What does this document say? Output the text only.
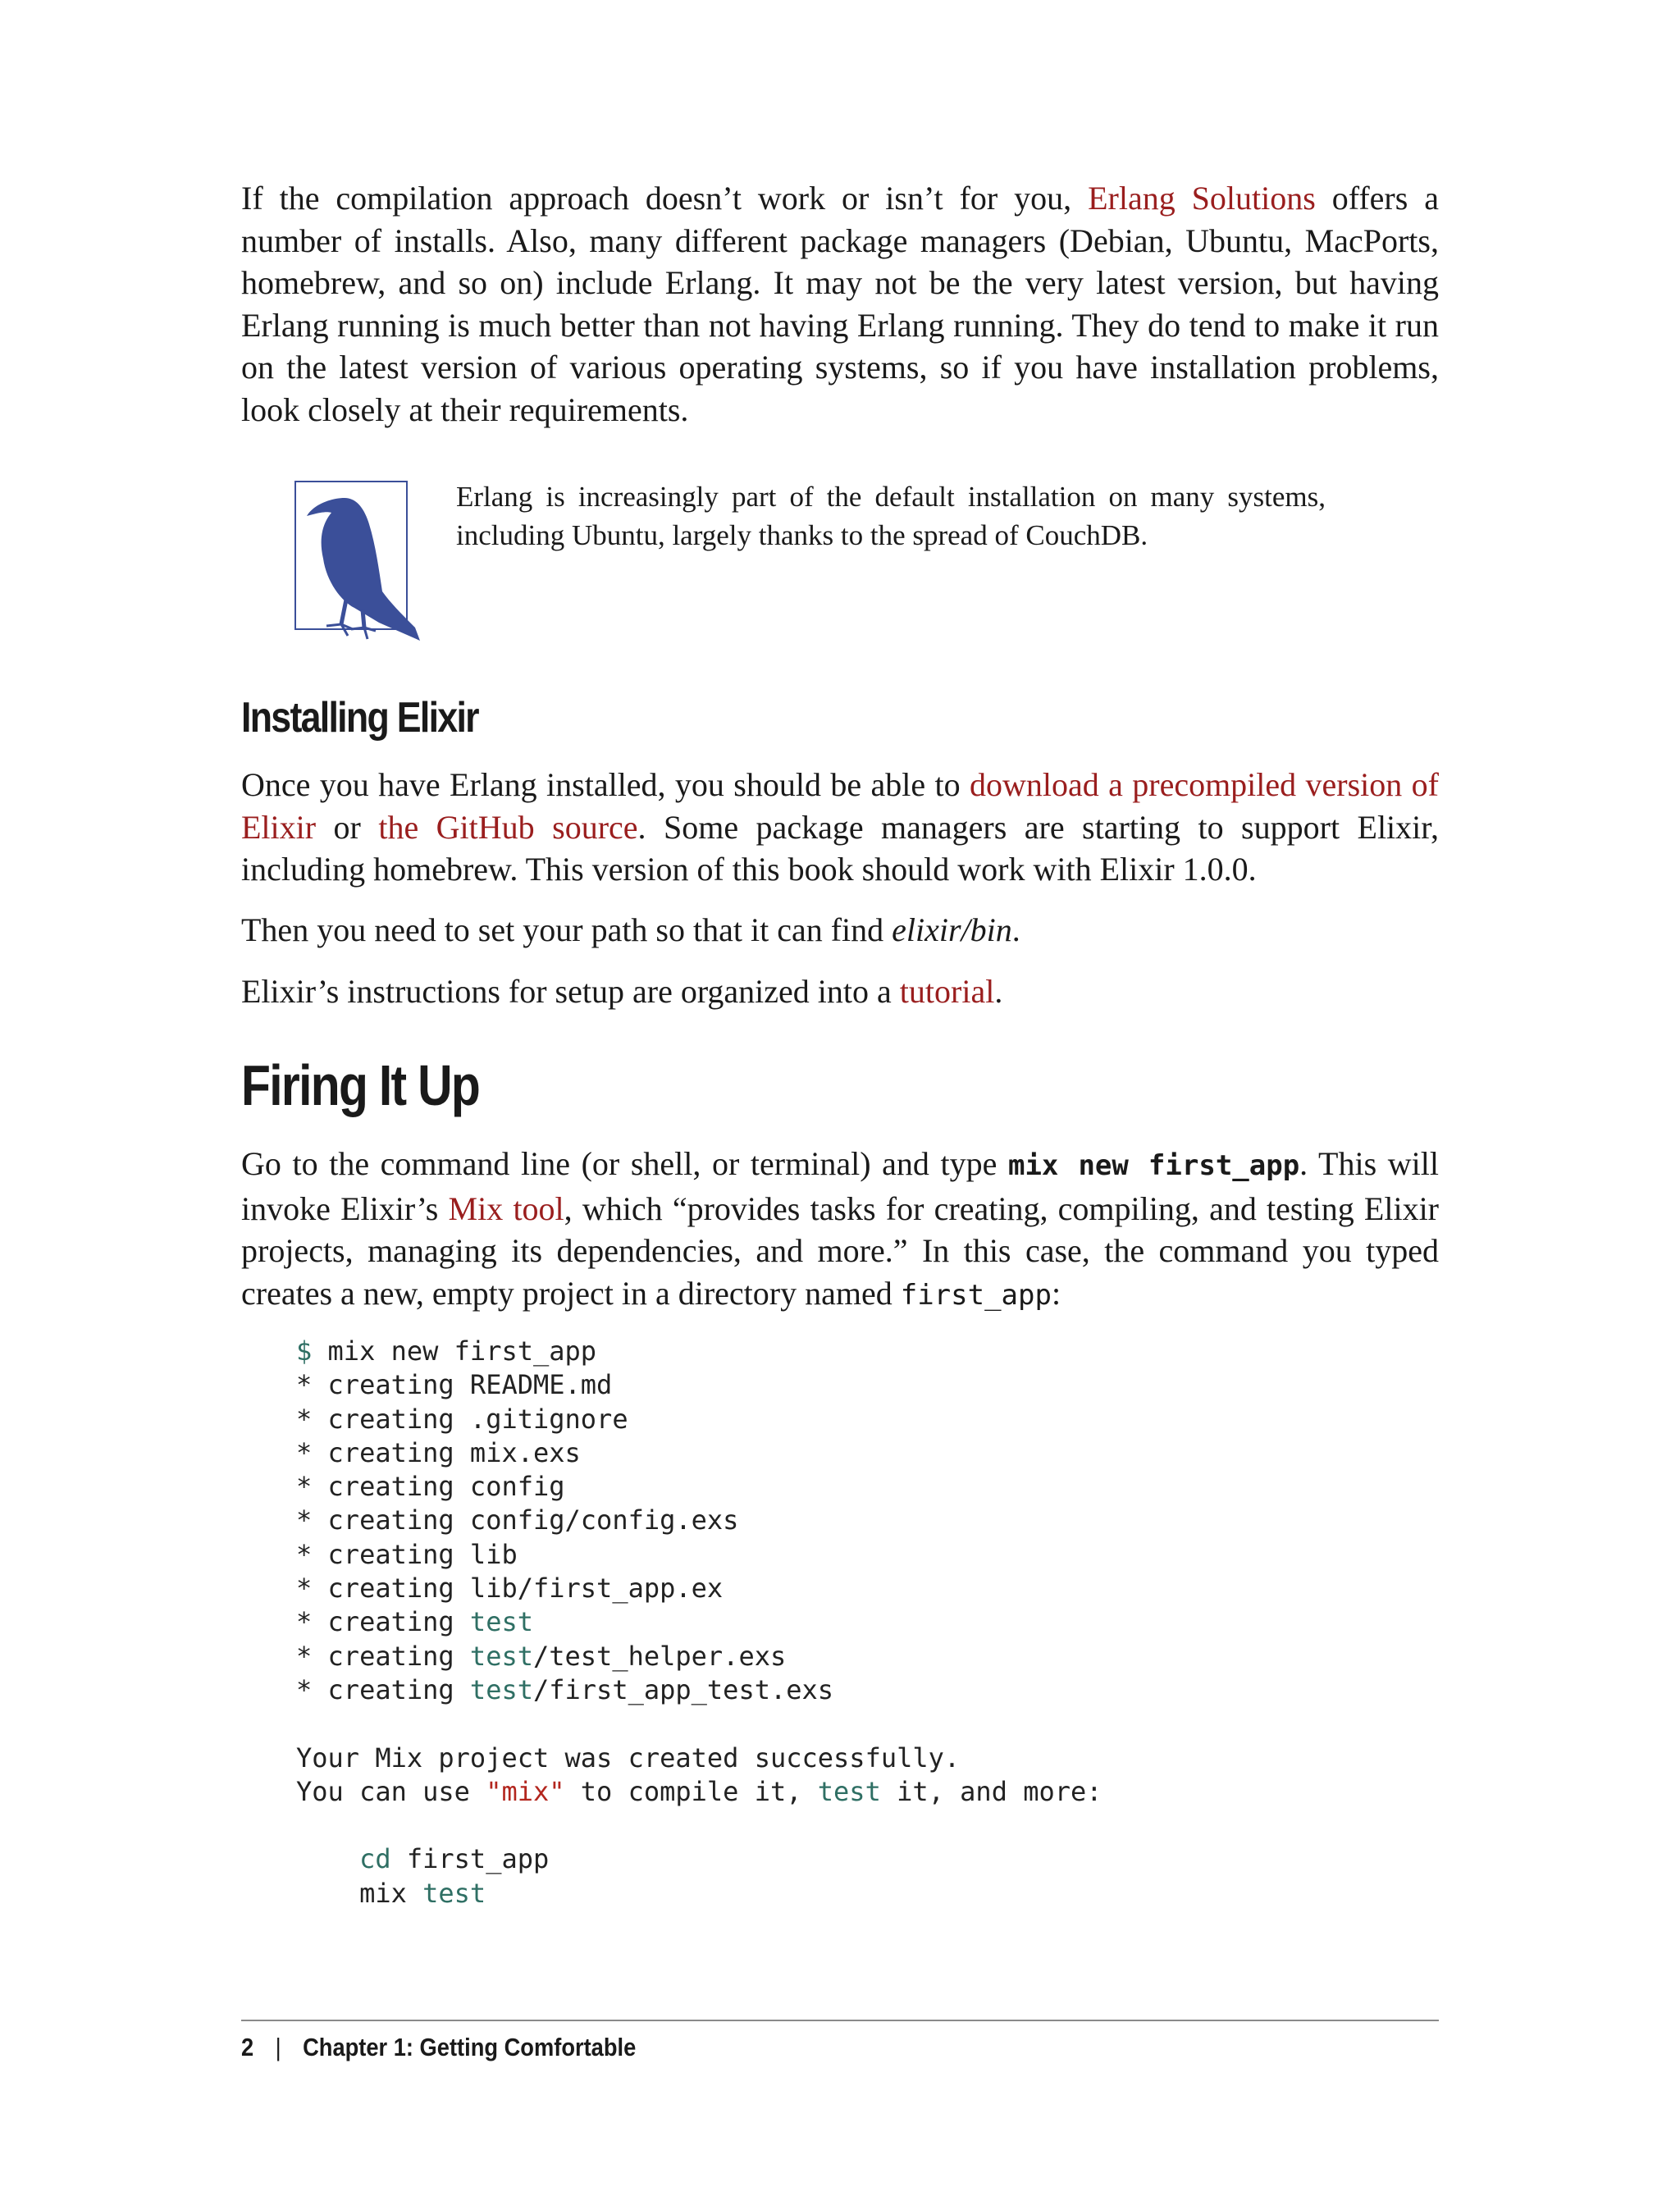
If the compilation approach doesn’t work or isn’t for you, Erlang Solutions offers a number of installs. Also, many different package managers (Debian, Ubuntu, MacPorts, homebrew, and so on) include Erlang. It may not be the very latest version, but having Erlang running is much better than not having Erlang running. They do tend to make it run on the latest version of various operating systems, so if you have installation problems, look closely at their requirements.

Erlang is increasingly part of the default installation on many systems, including Ubuntu, largely thanks to the spread of CouchDB.

Installing Elixir

Once you have Erlang installed, you should be able to download a precompiled version of Elixir or the GitHub source. Some package managers are starting to support Elixir, including homebrew. This version of this book should work with Elixir 1.0.0.

Then you need to set your path so that it can find elixir/bin.

Elixir’s instructions for setup are organized into a tutorial.

Firing It Up

Go to the command line (or shell, or terminal) and type mix new first_app. This will invoke Elixir’s Mix tool, which “provides tasks for creating, compiling, and testing Elixir projects, managing its dependencies, and more.” In this case, the command you typed creates a new, empty project in a directory named first_app:

$ mix new first_app
* creating README.md
* creating .gitignore
* creating mix.exs
* creating config
* creating config/config.exs
* creating lib
* creating lib/first_app.ex
* creating test
* creating test/test_helper.exs
* creating test/first_app_test.exs
Your Mix project was created successfully.
You can use "mix" to compile it, test it, and more:
cd first_app
mix test
2 | Chapter 1: Getting Comfortable
